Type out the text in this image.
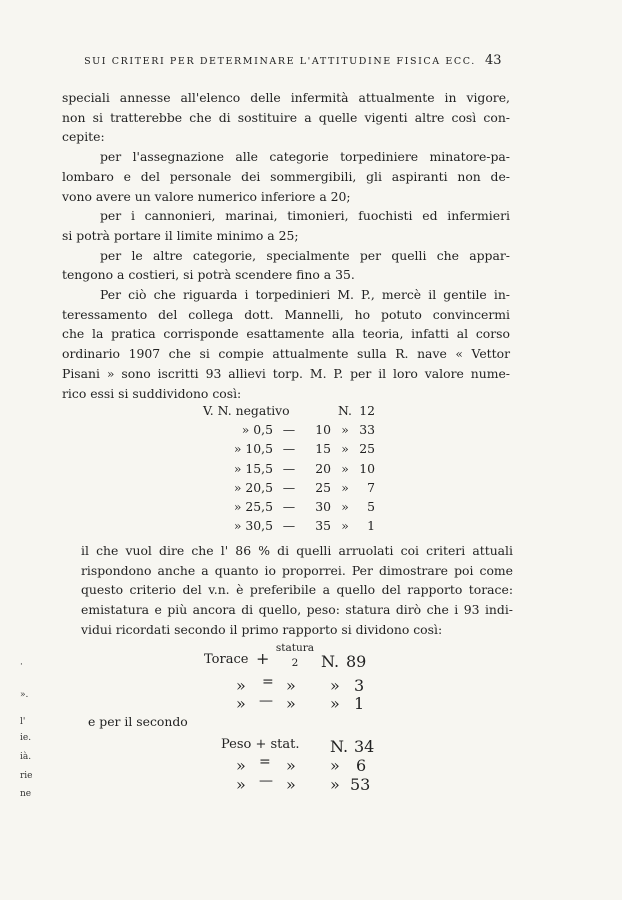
SUI CRITERI PER DETERMINARE L'ATTITUDINE FISICA ECC. 43
speciali annesse all'elenco delle infermità attualmente in vigore,
non si tratterebbe che di sostituire a quelle vigenti altre così con-
cepite:
per l'assegnazione alle categorie torpediniere minatore-pa-
lombaro e del personale dei sommergibili, gli aspiranti non de-
vono avere un valore numerico inferiore a 20;
per i cannonieri, marinai, timonieri, fuochisti ed infermieri
si potrà portare il limite minimo a 25;
per le altre categorie, specialmente per quelli che appar-
tengono a costieri, si potrà scendere fino a 35.
Per ciò che riguarda i torpedinieri M. P., mercè il gentile in-
teressamento del collega dott. Mannelli, ho potuto convincermi
che la pratica corrisponde esattamente alla teoria, infatti al corso
ordinario 1907 che si compie attualmente sulla R. nave « Vettor
Pisani » sono iscritti 93 allievi torp. M. P. per il loro valore nume-
rico essi si suddividono così:
V. N. negativo			N.	12
» 0,5	—	10	»	33
» 10,5	—	15	»	25
» 15,5	—	20	»	10
» 20,5	—	25	»	7
» 25,5	—	30	»	5
» 30,5	—	35	»	1
il che vuol dire che l' 86 % di quelli arruolati coi criteri attuali
rispondono anche a quanto io proporrei. Per dimostrare poi come
questo criterio del v.n. è preferibile a quello del rapporto torace:
emistatura e più ancora di quello, peso: statura dirò che i 93 indi-
vidui ricordati secondo il primo rapporto si dividono così:
Torace +
statura
2	N. 89
» = » » 3
» — » » 1
e per il secondo
Peso + stat. N. 34
» = » » 6
» — » » 53
·
».
l'
ie.
ià.
rie
ne
